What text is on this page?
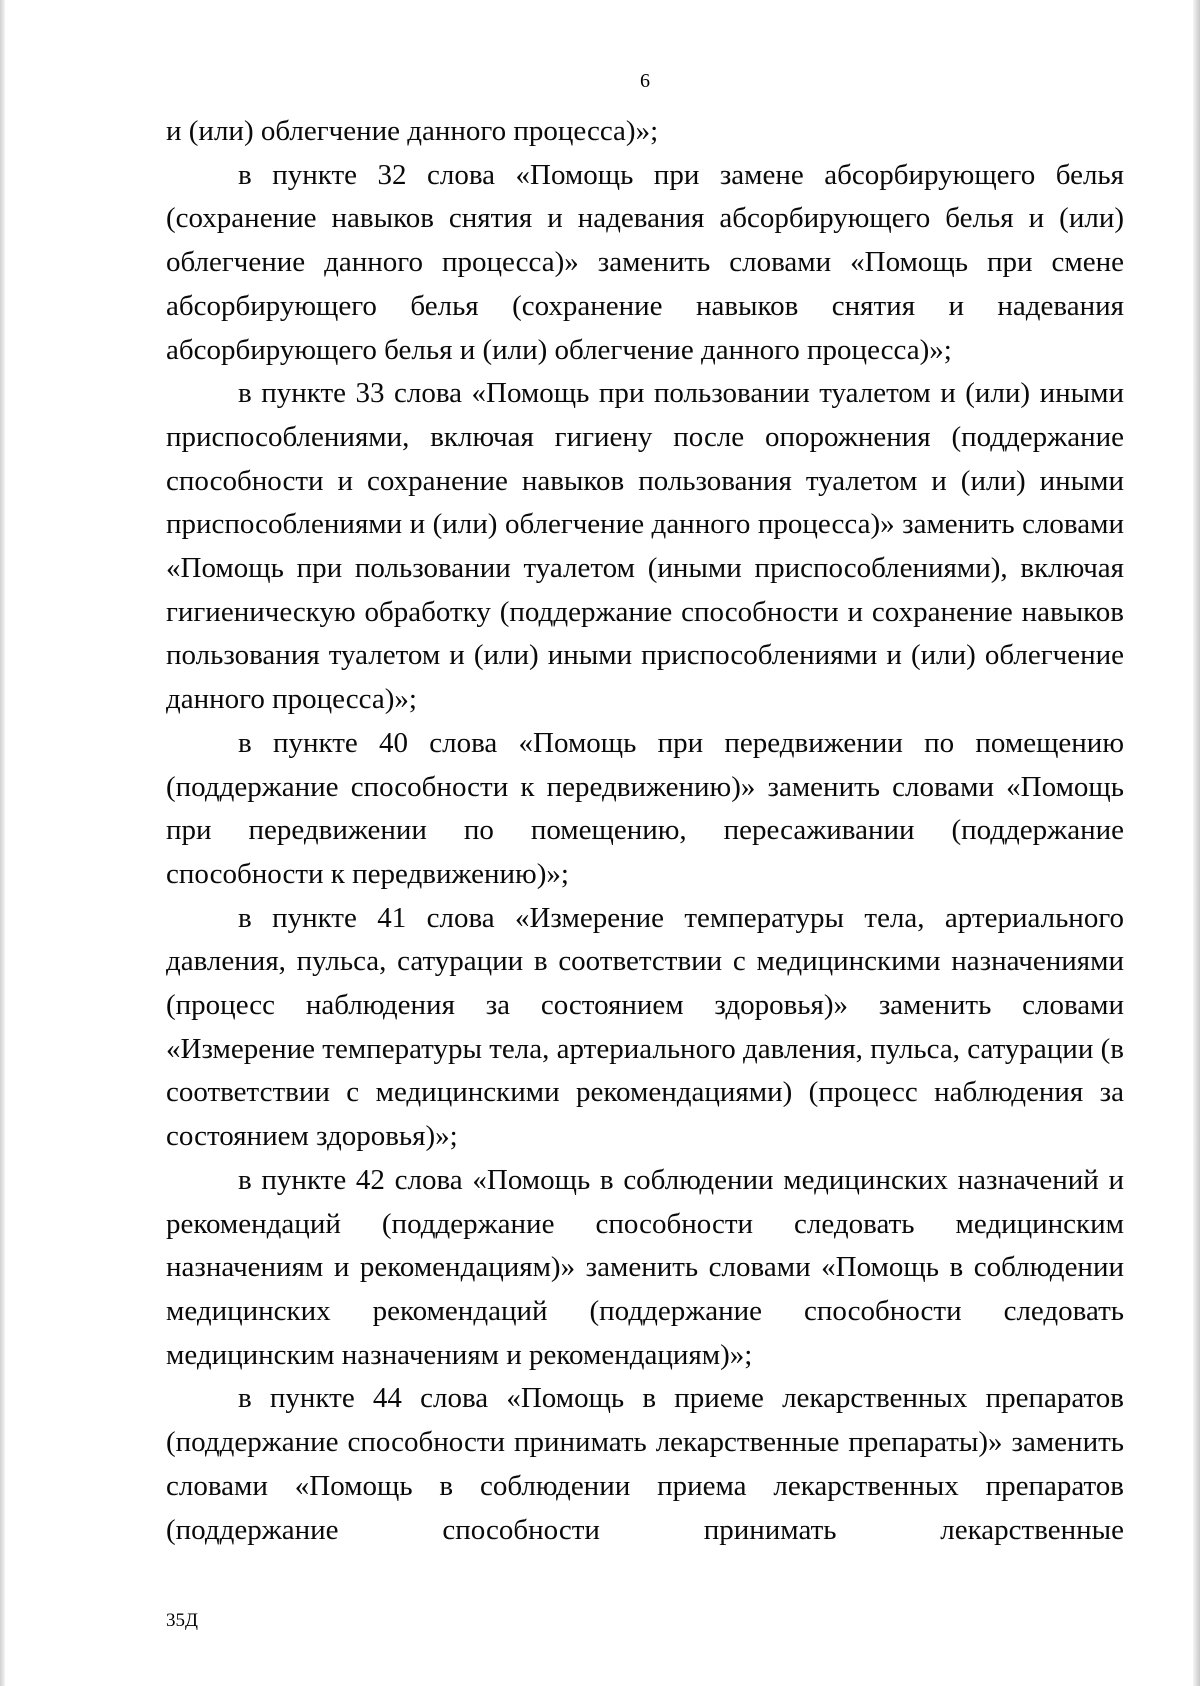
6

и (или) облегчение данного процесса)»;

в пункте 32 слова «Помощь при замене абсорбирующего белья (сохранение навыков снятия и надевания абсорбирующего белья и (или) облегчение данного процесса)» заменить словами «Помощь при смене абсорбирующего белья (сохранение навыков снятия и надевания абсорбирующего белья и (или) облегчение данного процесса)»;

в пункте 33 слова «Помощь при пользовании туалетом и (или) иными приспособлениями, включая гигиену после опорожнения (поддержание способности и сохранение навыков пользования туалетом и (или) иными приспособлениями и (или) облегчение данного процесса)» заменить словами «Помощь при пользовании туалетом (иными приспособлениями), включая гигиеническую обработку (поддержание способности и сохранение навыков пользования туалетом и (или) иными приспособлениями и (или) облегчение данного процесса)»;

в пункте 40 слова «Помощь при передвижении по помещению (поддержание способности к передвижению)» заменить словами «Помощь при передвижении по помещению, пересаживании (поддержание способности к передвижению)»;

в пункте 41 слова «Измерение температуры тела, артериального давления, пульса, сатурации в соответствии с медицинскими назначениями (процесс наблюдения за состоянием здоровья)» заменить словами «Измерение температуры тела, артериального давления, пульса, сатурации (в соответствии с медицинскими рекомендациями) (процесс наблюдения за состоянием здоровья)»;

в пункте 42 слова «Помощь в соблюдении медицинских назначений и рекомендаций (поддержание способности следовать медицинским назначениям и рекомендациям)» заменить словами «Помощь в соблюдении медицинских рекомендаций (поддержание способности следовать медицинским назначениям и рекомендациям)»;

в пункте 44 слова «Помощь в приеме лекарственных препаратов (поддержание способности принимать лекарственные препараты)» заменить словами «Помощь в соблюдении приема лекарственных препаратов (поддержание способности принимать лекарственные

35Д
